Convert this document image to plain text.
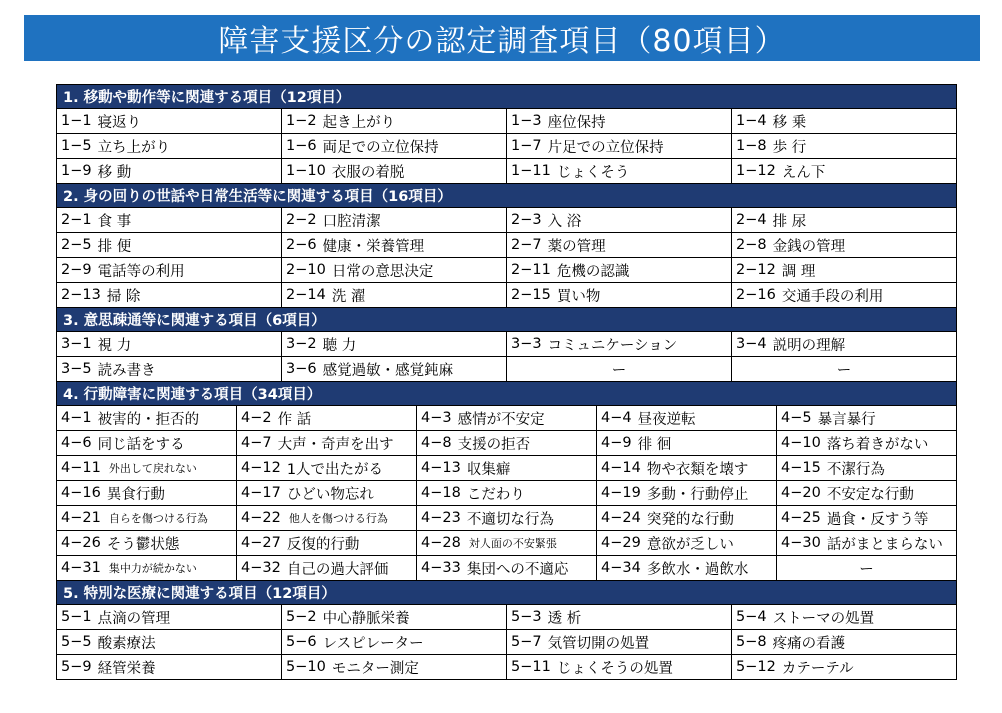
障害支援区分の認定調査項目（80項目）
1. 移動や動作等に関連する項目（12項目）
1−1 寝返り	1−2 起き上がり	1−3 座位保持	1−4 移 乗
1−5 立ち上がり	1−6 両足での立位保持	1−7 片足での立位保持	1−8 歩 行
1−9 移 動	1−10 衣服の着脱	1−11 じょくそう	1−12 えん下
2. 身の回りの世話や日常生活等に関連する項目（16項目）
2−1 食 事	2−2 口腔清潔	2−3 入 浴	2−4 排 尿
2−5 排 便	2−6 健康・栄養管理	2−7 薬の管理	2−8 金銭の管理
2−9 電話等の利用	2−10 日常の意思決定	2−11 危機の認識	2−12 調 理
2−13 掃 除	2−14 洗 濯	2−15 買い物	2−16 交通手段の利用
3. 意思疎通等に関連する項目（6項目）
3−1 視 力	3−2 聴 力	3−3 コミュニケーション	3−4 説明の理解
3−5 読み書き	3−6 感覚過敏・感覚鈍麻	ー	ー
4. 行動障害に関連する項目（34項目）
4−1 被害的・拒否的	4−2 作 話	4−3 感情が不安定	4−4 昼夜逆転	4−5 暴言暴行
4−6 同じ話をする	4−7 大声・奇声を出す 4−8 支援の拒否	4−9 徘 徊	4−10 落ち着きがない
4−11 外出して戻れない	4−12 1人で出たがる	4−13 収集癖	4−14 物や衣類を壊す 4−15 不潔行為
4−16 異食行動	4−17 ひどい物忘れ	4−18 こだわり	4−19 多動・行動停止 4−20 不安定な行動
4−21 自らを傷つける行為 4−22 他人を傷つける行為 4−23 不適切な行為	4−24 突発的な行動	4−25 過食・反すう等
4−26 そう鬱状態	4−27 反復的行動	4−28 対人面の不安緊張	4−29 意欲が乏しい	4−30 話がまとまらない
4−31 集中力が続かない	4−32 自己の過大評価 4−33 集団への不適応 4−34 多飲水・過飲水	ー
5. 特別な医療に関連する項目（12項目）
5−1 点滴の管理	5−2 中心静脈栄養	5−3 透 析	5−4 ストーマの処置
5−5 酸素療法	5−6 レスピレーター	5−7 気管切開の処置	5−8 疼痛の看護
5−9 経管栄養	5−10 モニター測定	5−11 じょくそうの処置	5−12 カテーテル
